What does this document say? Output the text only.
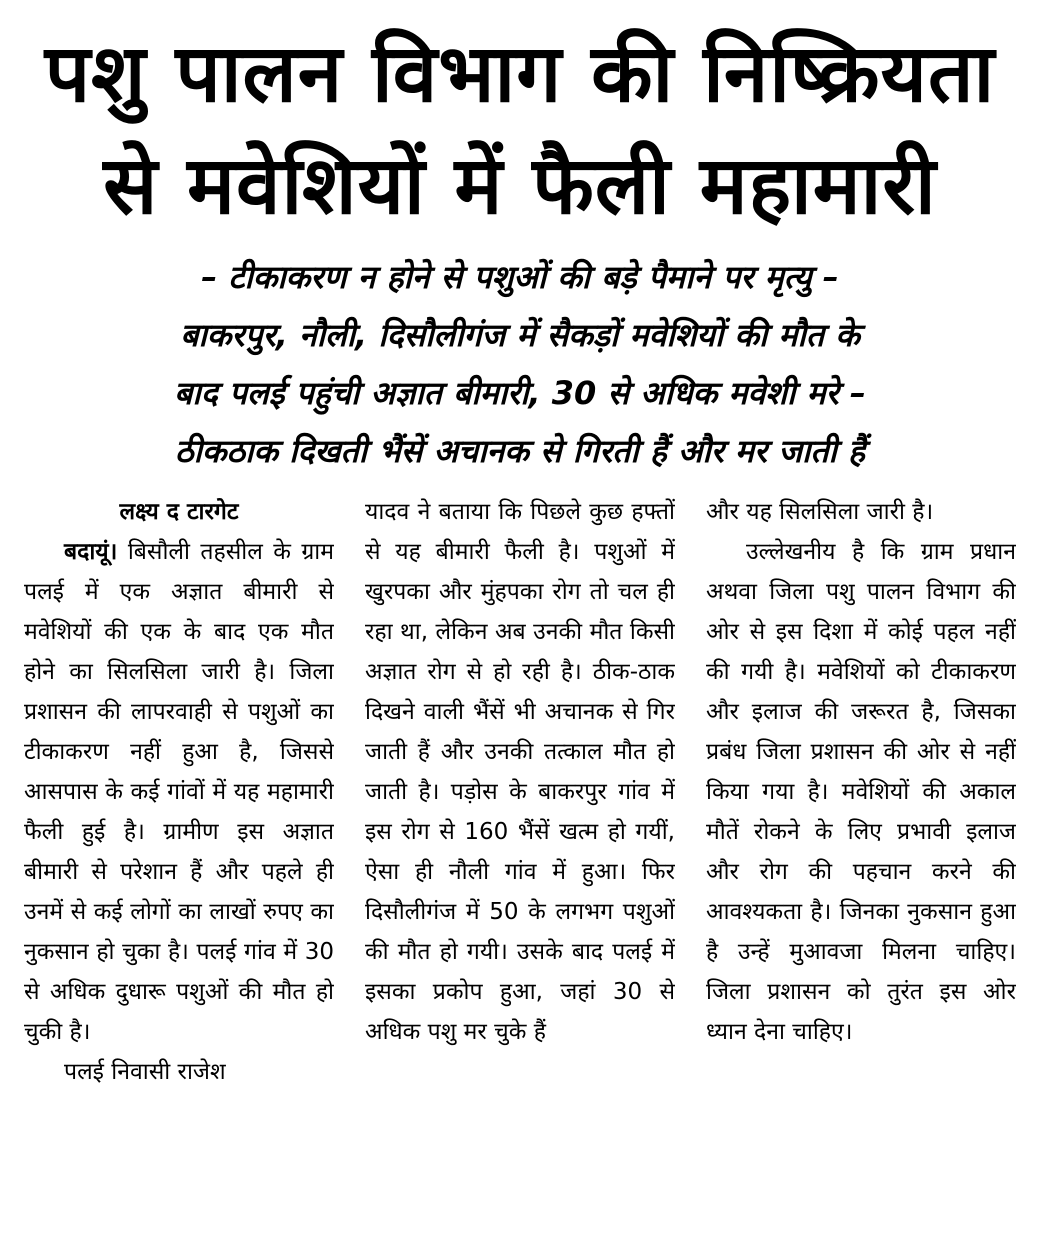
पशु पालन विभाग की निष्क्रियता
से मवेशियों में फैली महामारी

– टीकाकरण न होने से पशुओं की बड़े पैमाने पर मृत्यु –

बाकरपुर, नौली, दिसौलीगंज में सैकड़ों मवेशियों की मौत के

बाद पलई पहुंची अज्ञात बीमारी, 30 से अधिक मवेशी मरे –

ठीकठाक दिखती भैंसें अचानक से गिरती हैं और मर जाती हैं

लक्ष्य द टारगेट

बदायूं। बिसौली तहसील के ग्राम पलई में एक अज्ञात बीमारी से मवेशियों की एक के बाद एक मौत होने का सिलसिला जारी है। जिला प्रशासन की लापरवाही से पशुओं का टीकाकरण नहीं हुआ है, जिससे आसपास के कई गांवों में यह महामारी फैली हुई है। ग्रामीण इस अज्ञात बीमारी से परेशान हैं और पहले ही उनमें से कई लोगों का लाखों रुपए का नुकसान हो चुका है। पलई गांव में 30 से अधिक दुधारू पशुओं की मौत हो चुकी है।

पलई निवासी राजेश

यादव ने बताया कि पिछले कुछ हफ्तों से यह बीमारी फैली है। पशुओं में खुरपका और मुंहपका रोग तो चल ही रहा था, लेकिन अब उनकी मौत किसी अज्ञात रोग से हो रही है। ठीक-ठाक दिखने वाली भैंसें भी अचानक से गिर जाती हैं और उनकी तत्काल मौत हो जाती है। पड़ोस के बाकरपुर गांव में इस रोग से 160 भैंसें खत्म हो गयीं, ऐसा ही नौली गांव में हुआ। फिर दिसौलीगंज में 50 के लगभग पशुओं की मौत हो गयी। उसके बाद पलई में इसका प्रकोप हुआ, जहां 30 से अधिक पशु मर चुके हैं

और यह सिलसिला जारी है।

उल्लेखनीय है कि ग्राम प्रधान अथवा जिला पशु पालन विभाग की ओर से इस दिशा में कोई पहल नहीं की गयी है। मवेशियों को टीकाकरण और इलाज की जरूरत है, जिसका प्रबंध जिला प्रशासन की ओर से नहीं किया गया है। मवेशियों की अकाल मौतें रोकने के लिए प्रभावी इलाज और रोग की पहचान करने की आवश्यकता है। जिनका नुकसान हुआ है उन्हें मुआवजा मिलना चाहिए। जिला प्रशासन को तुरंत इस ओर ध्यान देना चाहिए।
